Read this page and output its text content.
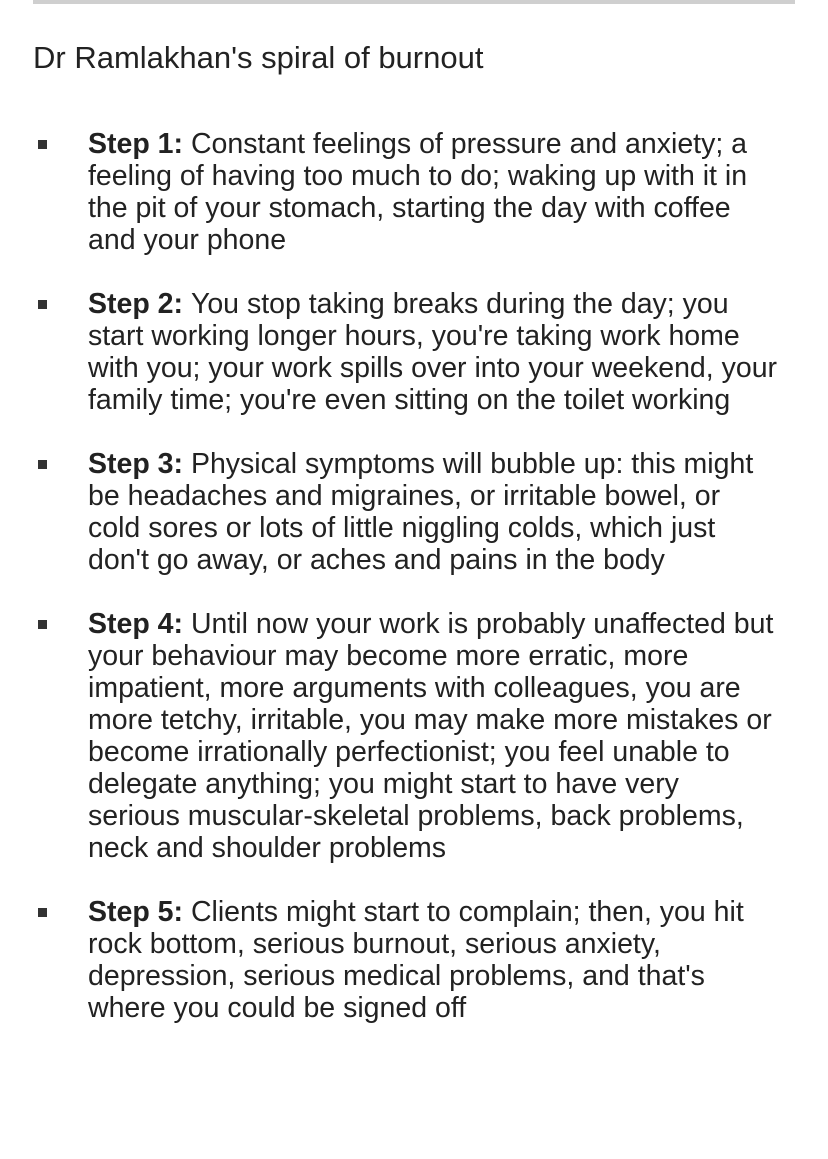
Dr Ramlakhan's spiral of burnout
Step 1: Constant feelings of pressure and anxiety; a feeling of having too much to do; waking up with it in the pit of your stomach, starting the day with coffee and your phone
Step 2: You stop taking breaks during the day; you start working longer hours, you're taking work home with you; your work spills over into your weekend, your family time; you're even sitting on the toilet working
Step 3: Physical symptoms will bubble up: this might be headaches and migraines, or irritable bowel, or cold sores or lots of little niggling colds, which just don't go away, or aches and pains in the body
Step 4: Until now your work is probably unaffected but your behaviour may become more erratic, more impatient, more arguments with colleagues, you are more tetchy, irritable, you may make more mistakes or become irrationally perfectionist; you feel unable to delegate anything; you might start to have very serious muscular-skeletal problems, back problems, neck and shoulder problems
Step 5: Clients might start to complain; then, you hit rock bottom, serious burnout, serious anxiety, depression, serious medical problems, and that's where you could be signed off
